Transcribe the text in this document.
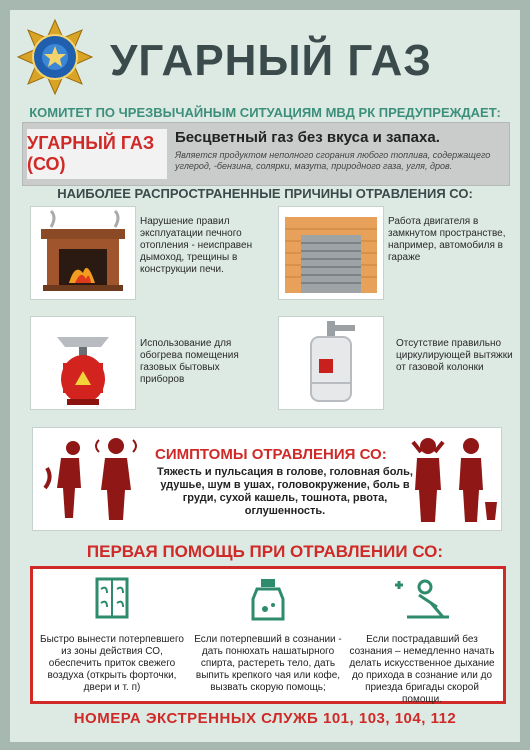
УГАРНЫЙ ГАЗ
КОМИТЕТ ПО ЧРЕЗВЫЧАЙНЫМ СИТУАЦИЯМ МВД РК ПРЕДУПРЕЖДАЕТ:
УГАРНЫЙ ГАЗ (СО)
Бесцветный газ без вкуса и запаха.
Является продуктом неполного сгорания любого топлива, содержащего углерод, -бензина, солярки, мазута, природного газа, угля, дров.
НАИБОЛЕЕ РАСПРОСТРАНЕННЫЕ ПРИЧИНЫ ОТРАВЛЕНИЯ СО:
Нарушение правил эксплуатации печного отопления - неисправен дымоход, трещины в конструкции печи.
Работа двигателя в замкнутом пространстве, например, автомобиля в гараже
Использование для обогрева помещения газовых бытовых приборов
Отсутствие правильно циркулирующей вытяжки от газовой колонки
СИМПТОМЫ ОТРАВЛЕНИЯ СО:
Тяжесть и пульсация в голове, головная боль, удушье, шум в ушах, головокружение, боль в груди, сухой кашель, тошнота, рвота, оглушенность.
ПЕРВАЯ ПОМОЩЬ ПРИ ОТРАВЛЕНИИ СО:
Быстро вынести потерпевшего из зоны действия СО, обеспечить приток свежего воздуха (открыть форточки, двери и т. п)
Если потерпевший в сознании - дать понюхать нашатырного спирта, растереть тело, дать выпить крепкого чая или кофе, вызвать скорую помощь;
Если пострадавший без сознания – немедленно начать делать искусственное дыхание до прихода в сознание или до приезда бригады скорой помощи.
НОМЕРА ЭКСТРЕННЫХ СЛУЖБ 101, 103, 104, 112
